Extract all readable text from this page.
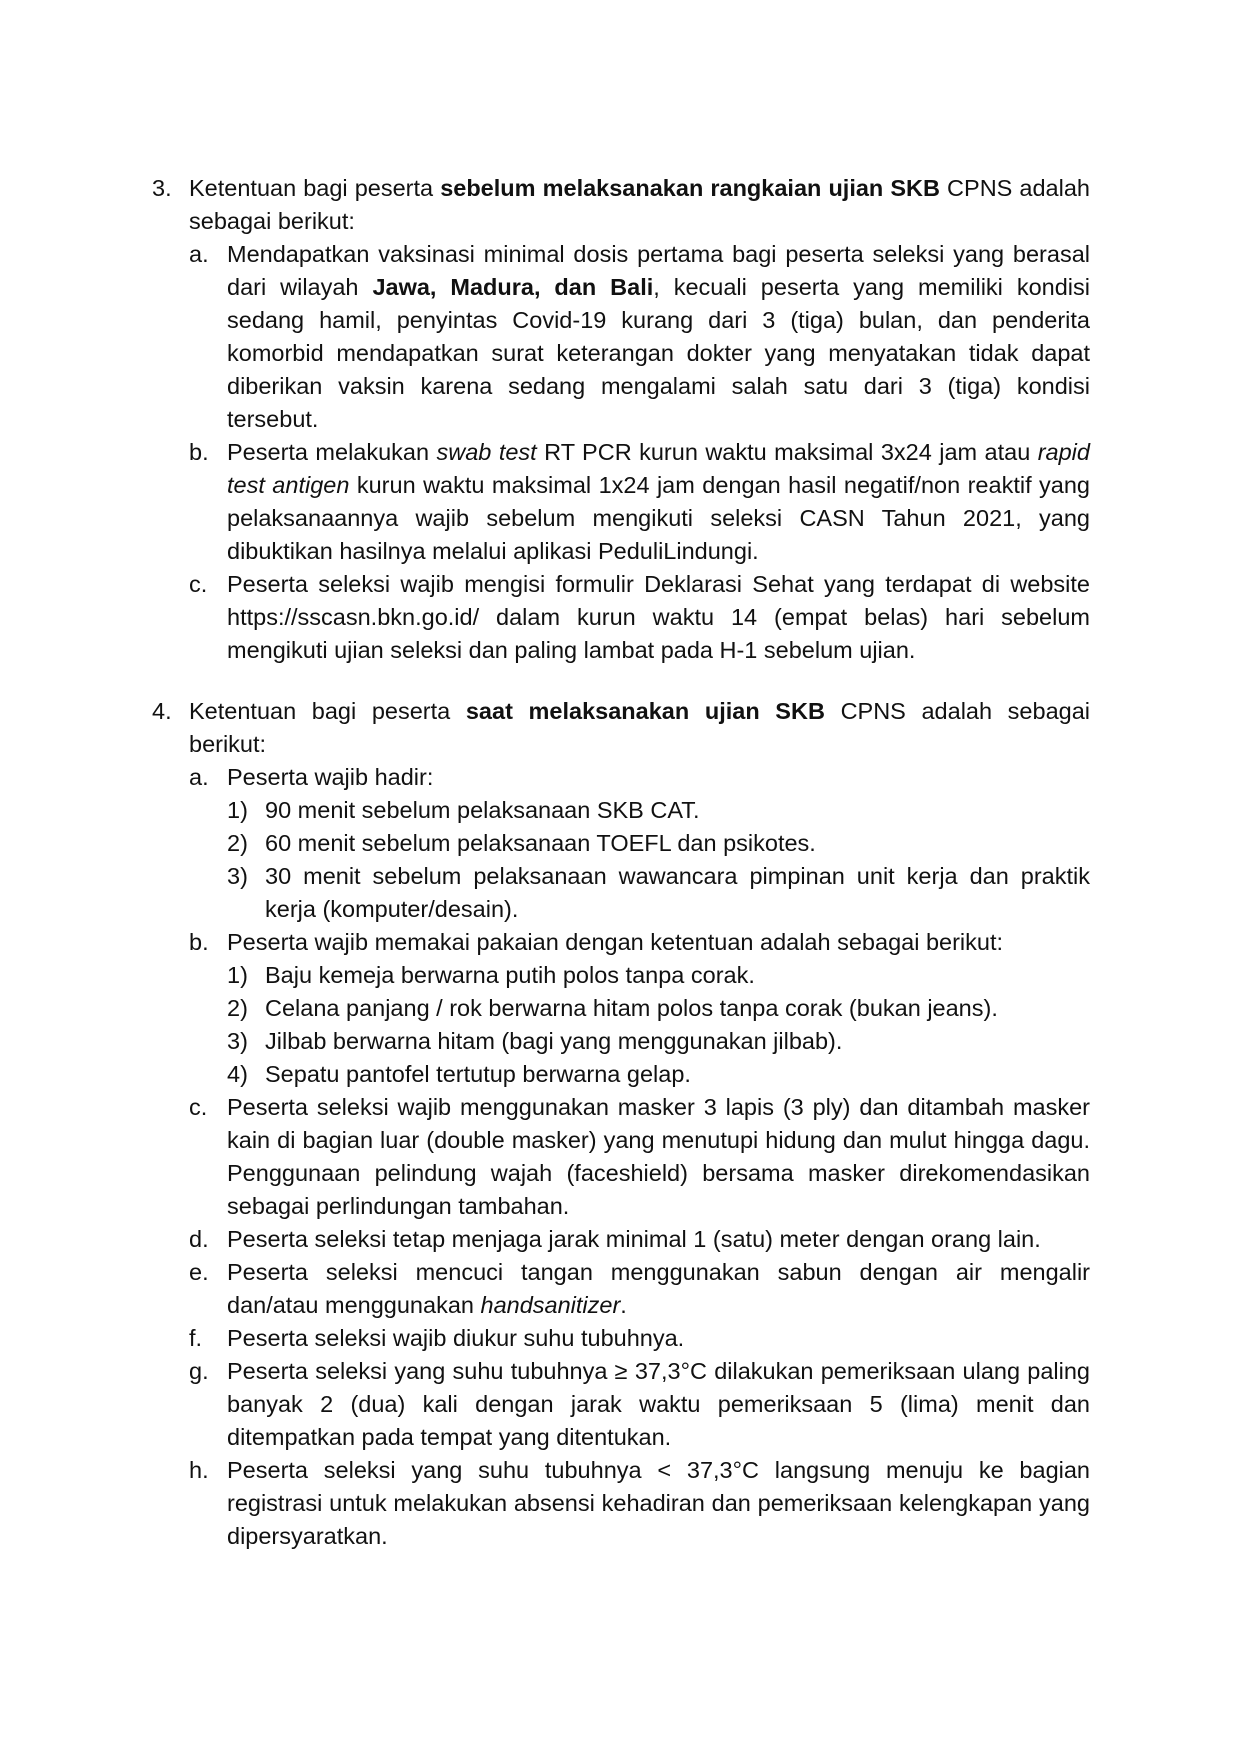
3. Ketentuan bagi peserta sebelum melaksanakan rangkaian ujian SKB CPNS adalah sebagai berikut:
a. Mendapatkan vaksinasi minimal dosis pertama bagi peserta seleksi yang berasal dari wilayah Jawa, Madura, dan Bali, kecuali peserta yang memiliki kondisi sedang hamil, penyintas Covid-19 kurang dari 3 (tiga) bulan, dan penderita komorbid mendapatkan surat keterangan dokter yang menyatakan tidak dapat diberikan vaksin karena sedang mengalami salah satu dari 3 (tiga) kondisi tersebut.
b. Peserta melakukan swab test RT PCR kurun waktu maksimal 3x24 jam atau rapid test antigen kurun waktu maksimal 1x24 jam dengan hasil negatif/non reaktif yang pelaksanaannya wajib sebelum mengikuti seleksi CASN Tahun 2021, yang dibuktikan hasilnya melalui aplikasi PeduliLindungi.
c. Peserta seleksi wajib mengisi formulir Deklarasi Sehat yang terdapat di website https://sscasn.bkn.go.id/ dalam kurun waktu 14 (empat belas) hari sebelum mengikuti ujian seleksi dan paling lambat pada H-1 sebelum ujian.
4. Ketentuan bagi peserta saat melaksanakan ujian SKB CPNS adalah sebagai berikut:
a. Peserta wajib hadir:
1) 90 menit sebelum pelaksanaan SKB CAT.
2) 60 menit sebelum pelaksanaan TOEFL dan psikotes.
3) 30 menit sebelum pelaksanaan wawancara pimpinan unit kerja dan praktik kerja (komputer/desain).
b. Peserta wajib memakai pakaian dengan ketentuan adalah sebagai berikut:
1) Baju kemeja berwarna putih polos tanpa corak.
2) Celana panjang / rok berwarna hitam polos tanpa corak (bukan jeans).
3) Jilbab berwarna hitam (bagi yang menggunakan jilbab).
4) Sepatu pantofel tertutup berwarna gelap.
c. Peserta seleksi wajib menggunakan masker 3 lapis (3 ply) dan ditambah masker kain di bagian luar (double masker) yang menutupi hidung dan mulut hingga dagu. Penggunaan pelindung wajah (faceshield) bersama masker direkomendasikan sebagai perlindungan tambahan.
d. Peserta seleksi tetap menjaga jarak minimal 1 (satu) meter dengan orang lain.
e. Peserta seleksi mencuci tangan menggunakan sabun dengan air mengalir dan/atau menggunakan handsanitizer.
f.	Peserta seleksi wajib diukur suhu tubuhnya.
g. Peserta seleksi yang suhu tubuhnya ≥ 37,3°C dilakukan pemeriksaan ulang paling banyak 2 (dua) kali dengan jarak waktu pemeriksaan 5 (lima) menit dan ditempatkan pada tempat yang ditentukan.
h. Peserta seleksi yang suhu tubuhnya < 37,3°C langsung menuju ke bagian registrasi untuk melakukan absensi kehadiran dan pemeriksaan kelengkapan yang dipersyaratkan.
